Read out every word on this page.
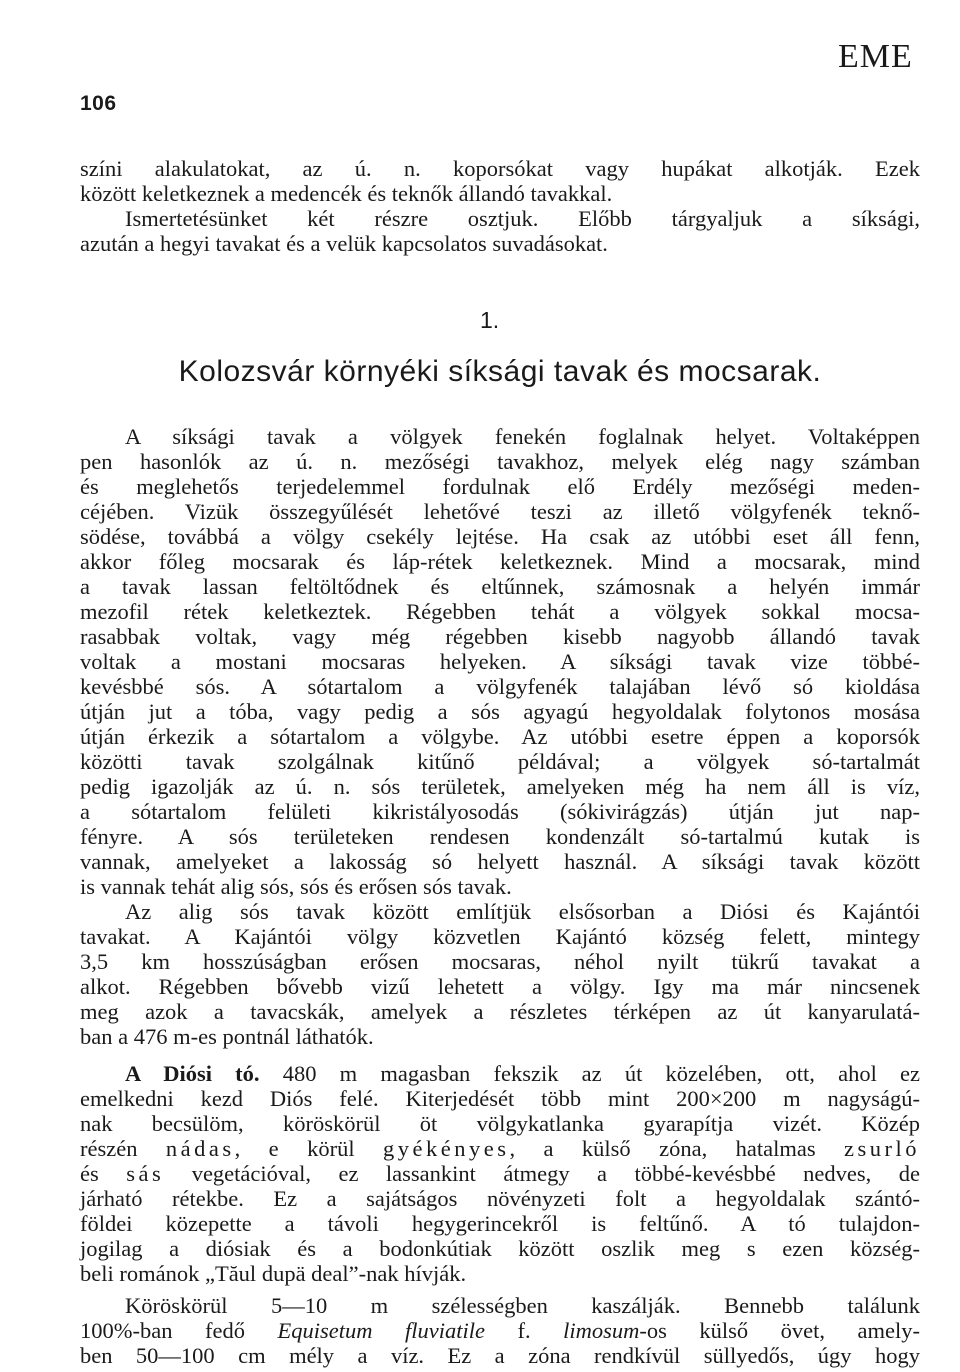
106
EME
színi alakulatokat, az ú. n. koporsókat vagy hupákat alkotják. Ezek
között keletkeznek a medencék és teknők állandó tavakkal.
Ismertetésünket két részre osztjuk. Előbb tárgyaljuk a síksági,
azután a hegyi tavakat és a velük kapcsolatos suvadásokat.
1.
Kolozsvár környéki síksági tavak és mocsarak.
A síksági tavak a völgyek fenekén foglalnak helyet. Voltaképpen
pen hasonlók az ú. n. mezőségi tavakhoz, melyek elég nagy számban
és meglehetős terjedelemmel fordulnak elő Erdély mezőségi meden-
céjében. Vizük összegyűlését lehetővé teszi az illető völgyfenék teknő-
södése, továbbá a völgy csekély lejtése. Ha csak az utóbbi eset áll fenn,
akkor főleg mocsarak és láp-rétek keletkeznek. Mind a mocsarak, mind
a tavak lassan feltöltődnek és eltűnnek, számosnak a helyén immár
mezofil rétek keletkeztek. Régebben tehát a völgyek sokkal mocsa-
rasabbak voltak, vagy még régebben kisebb nagyobb állandó tavak
voltak a mostani mocsaras helyeken. A síksági tavak vize többé-
kevésbbé sós. A sótartalom a völgyfenék talajában lévő só kioldása
útján jut a tóba, vagy pedig a sós agyagú hegyoldalak folytonos mosása
útján érkezik a sótartalom a völgybe. Az utóbbi esetre éppen a koporsók
közötti tavak szolgálnak kitűnő példával; a völgyek só-tartalmát
pedig igazolják az ú. n. sós területek, amelyeken még ha nem áll is víz,
a sótartalom felületi kikristályosodás (sókivirágzás) útján jut nap-
fényre. A sós területeken rendesen kondenzált só-tartalmú kutak is
vannak, amelyeket a lakosság só helyett használ. A síksági tavak között
is vannak tehát alig sós, sós és erősen sós tavak.
Az alig sós tavak között említjük elsősorban a Diósi és Kajántói
tavakat. A Kajántói völgy közvetlen Kajántó község felett, mintegy
3,5 km hosszúságban erősen mocsaras, néhol nyilt tükrű tavakat a
alkot. Régebben bővebb vizű lehetett a völgy. Igy ma már nincsenek
meg azok a tavacskák, amelyek a részletes térképen az út kanyarulatá-
ban a 476 m-es pontnál láthatók.
A Diósi tó. 480 m magasban fekszik az út közelében, ott, ahol ez
emelkedni kezd Diós felé. Kiterjedését több mint 200×200 m nagyságú-
nak becsülöm, köröskörül öt völgykatlanka gyarapítja vizét. Közép
részén nádas, e körül gyékényes, a külső zóna, hatalmas zsurló
és sás vegetációval, ez lassankint átmegy a többé-kevésbbé nedves, de
járható rétekbe. Ez a sajátságos növényzeti folt a hegyoldalak szántó-
földei közepette a távoli hegygerincekről is feltűnő. A tó tulajdon-
jogilag a diósiak és a bodonkútiak között oszlik meg s ezen község-
beli románok „Tăul dupä deal”-nak hívják.
Köröskörül 5—10 m szélességben kaszálják. Bennebb találunk
100%-ban fedő Equisetum fluviatile f. limosum-os külső övet, amely-
ben 50—100 cm mély a víz. Ez a zóna rendkívül süllyedős, úgy hogy
